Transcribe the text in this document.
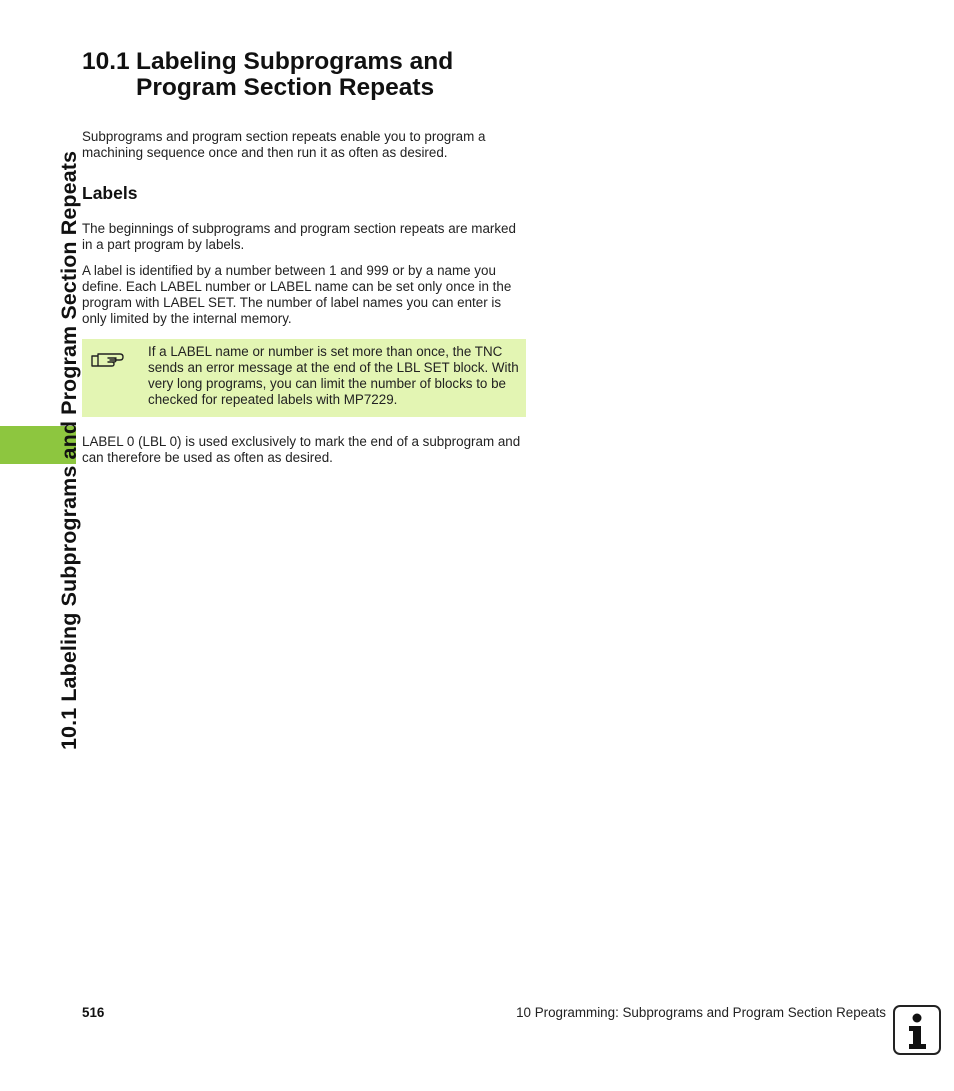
10.1 Labeling Subprograms and Program Section Repeats
10.1 Labeling Subprograms and
Program Section Repeats

Subprograms and program section repeats enable you to program a machining sequence once and then run it as often as desired.

Labels

The beginnings of subprograms and program section repeats are marked in a part program by labels.

A label is identified by a number between 1 and 999 or by a name you define. Each LABEL number or LABEL name can be set only once in the program with LABEL SET. The number of label names you can enter is only limited by the internal memory.

If a LABEL name or number is set more than once, the TNC sends an error message at the end of the LBL SET block. With very long programs, you can limit the number of blocks to be checked for repeated labels with MP7229.

LABEL 0 (LBL 0) is used exclusively to mark the end of a subprogram and can therefore be used as often as desired.

516	10 Programming: Subprograms and Program Section Repeats
